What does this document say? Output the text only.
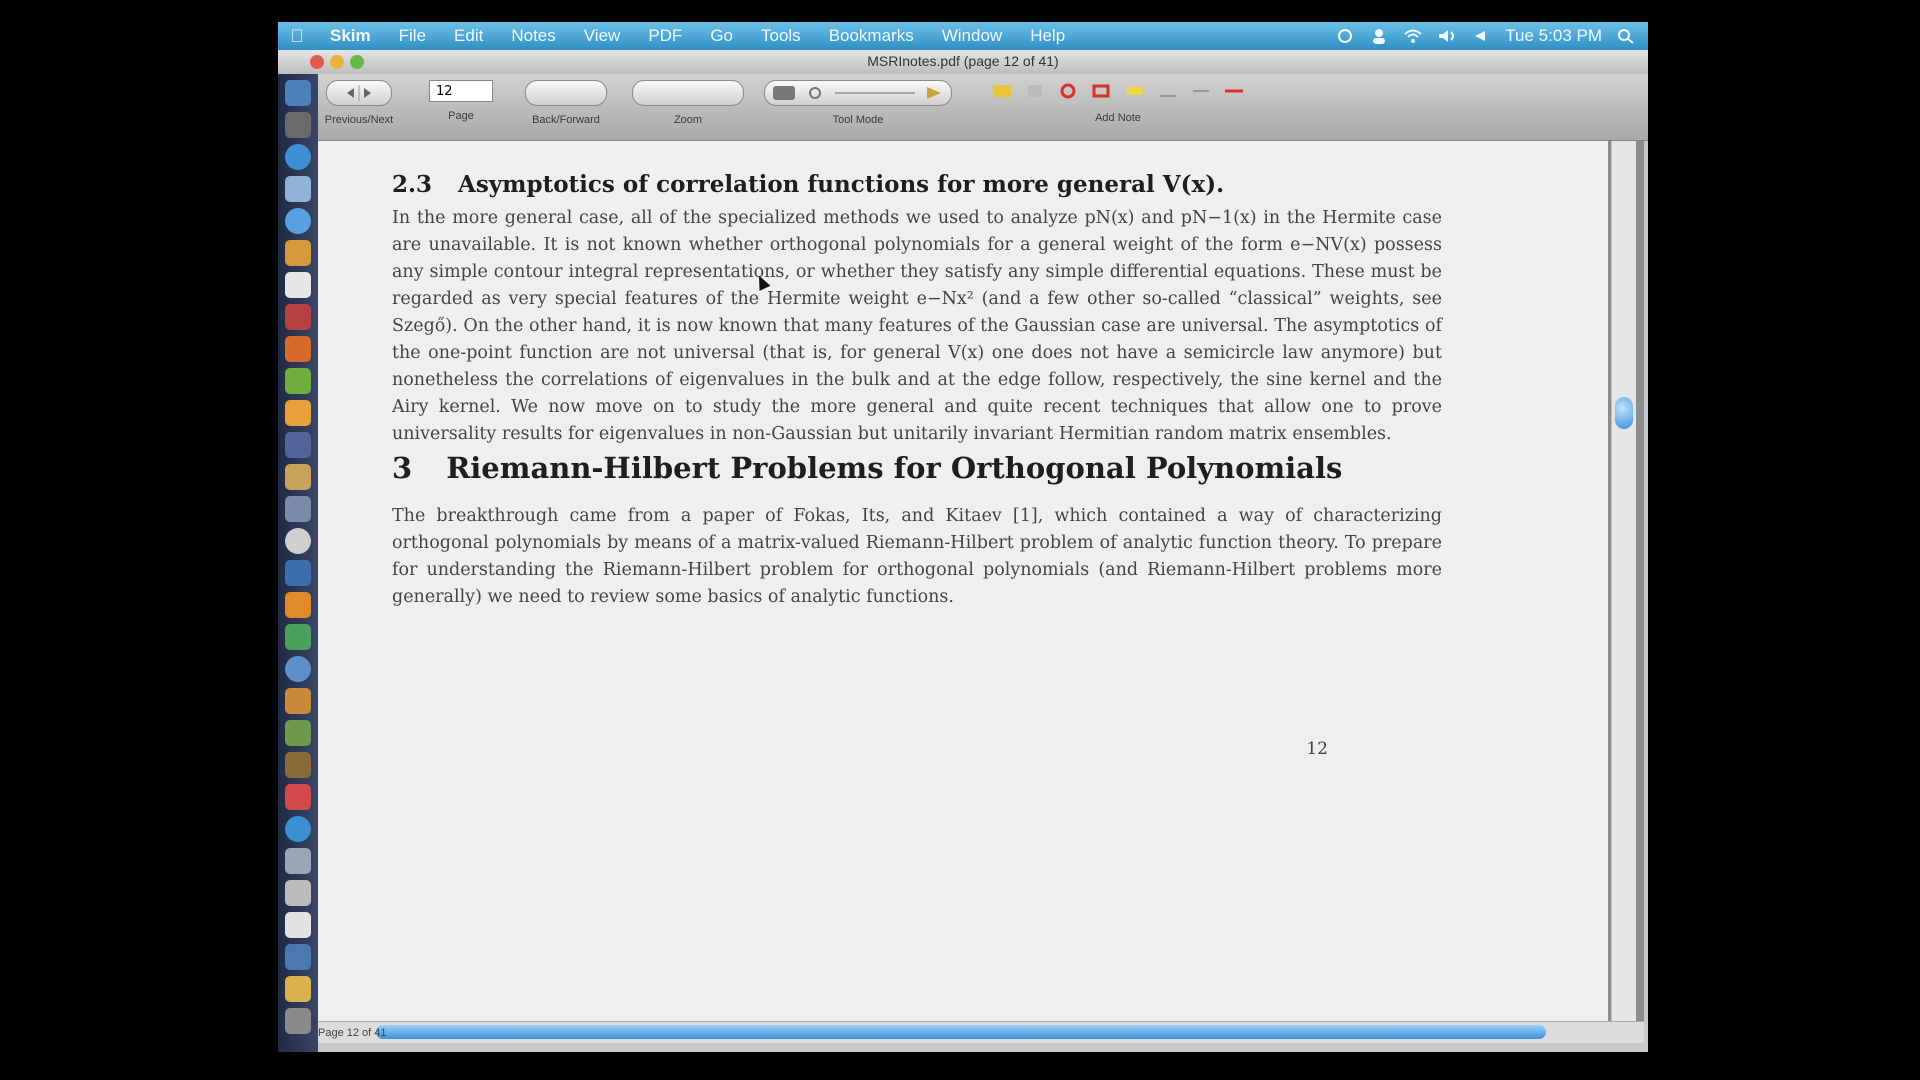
Skim	File	Edit	Notes	View	PDF	Go	Tools	Bookmarks	Window	Help	Tue 5:03 PM
MSRInotes.pdf (page 12 of 41)
Previous/Next
12
Page	Back/Forward	Zoom	Tool Mode
	Add Note
2.3 Asymptotics of correlation functions for more general V(x).
In the more general case, all of the specialized methods we used to analyze pN(x) and pN−1(x) in the Hermite case are unavailable. It is not known whether orthogonal polynomials for a general weight of the form e−NV(x) possess any simple contour integral representations, or whether they satisfy any simple differential equations. These must be regarded as very special features of the Hermite weight e−Nx² (and a few other so-called “classical” weights, see Szegő). On the other hand, it is now known that many features of the Gaussian case are universal. The asymptotics of the one-point function are not universal (that is, for general V(x) one does not have a semicircle law anymore) but nonetheless the correlations of eigenvalues in the bulk and at the edge follow, respectively, the sine kernel and the Airy kernel. We now move on to study the more general and quite recent techniques that allow one to prove universality results for eigenvalues in non-Gaussian but unitarily invariant Hermitian random matrix ensembles.
3 Riemann-Hilbert Problems for Orthogonal Polynomials
The breakthrough came from a paper of Fokas, Its, and Kitaev [1], which contained a way of characterizing orthogonal polynomials by means of a matrix-valued Riemann-Hilbert problem of analytic function theory. To prepare for understanding the Riemann-Hilbert problem for orthogonal polynomials (and Riemann-Hilbert problems more generally) we need to review some basics of analytic functions.
12
Page 12 of 41
